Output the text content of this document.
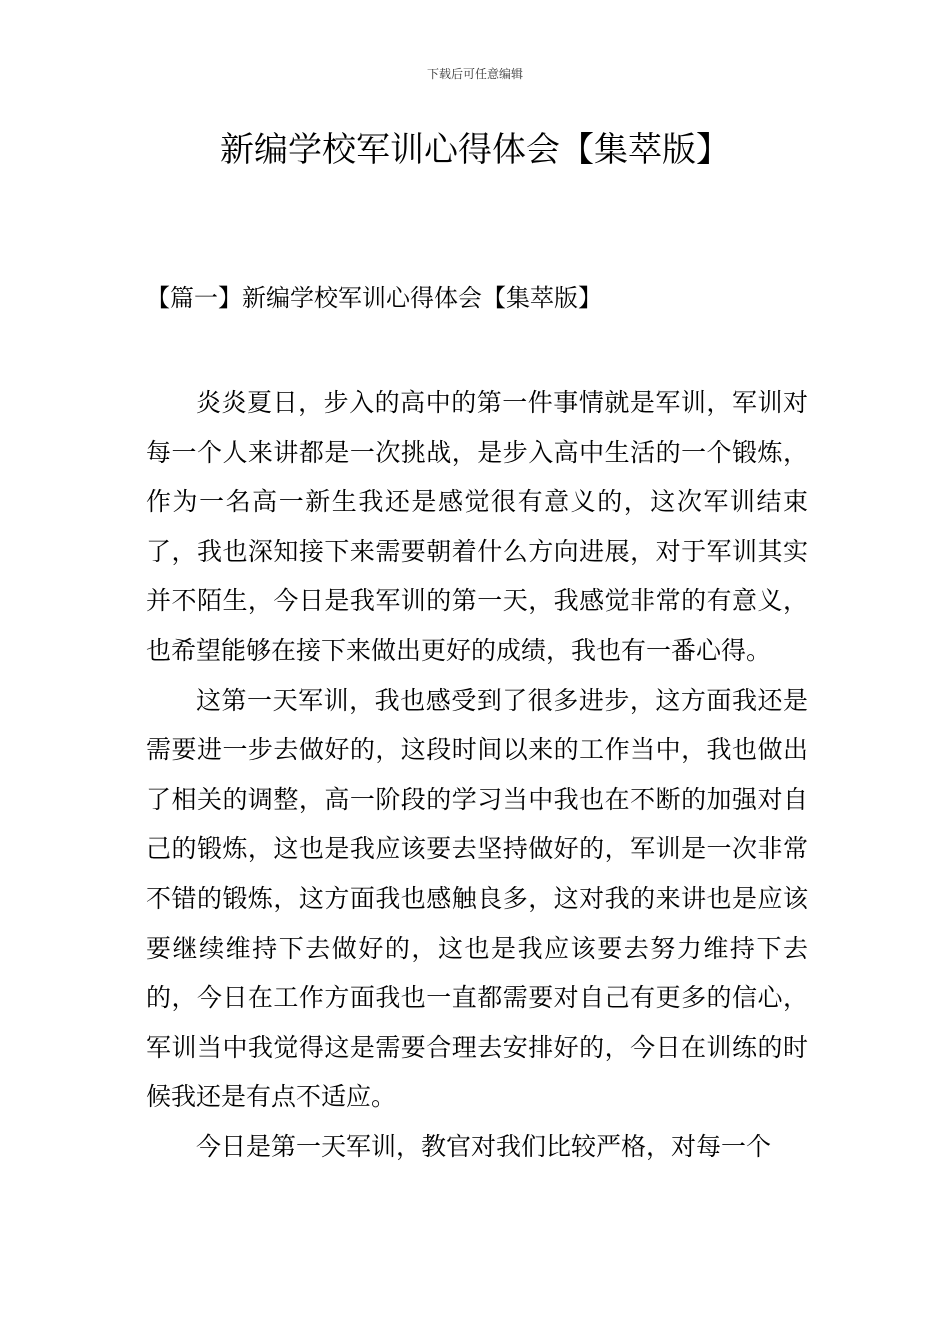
下载后可任意编辑
新编学校军训心得体会【集萃版】
【篇一】新编学校军训心得体会【集萃版】

炎炎夏日，步入的高中的第一件事情就是军训，军训对每一个人来讲都是一次挑战，是步入高中生活的一个锻炼，作为一名高一新生我还是感觉很有意义的，这次军训结束了，我也深知接下来需要朝着什么方向进展，对于军训其实并不陌生，今日是我军训的第一天，我感觉非常的有意义，也希望能够在接下来做出更好的成绩，我也有一番心得。

这第一天军训，我也感受到了很多进步，这方面我还是需要进一步去做好的，这段时间以来的工作当中，我也做出了相关的调整，高一阶段的学习当中我也在不断的加强对自己的锻炼，这也是我应该要去坚持做好的，军训是一次非常不错的锻炼，这方面我也感触良多，这对我的来讲也是应该要继续维持下去做好的，这也是我应该要去努力维持下去的，今日在工作方面我也一直都需要对自己有更多的信心，军训当中我觉得这是需要合理去安排好的，今日在训练的时候我还是有点不适应。

今日是第一天军训，教官对我们比较严格，对每一个
